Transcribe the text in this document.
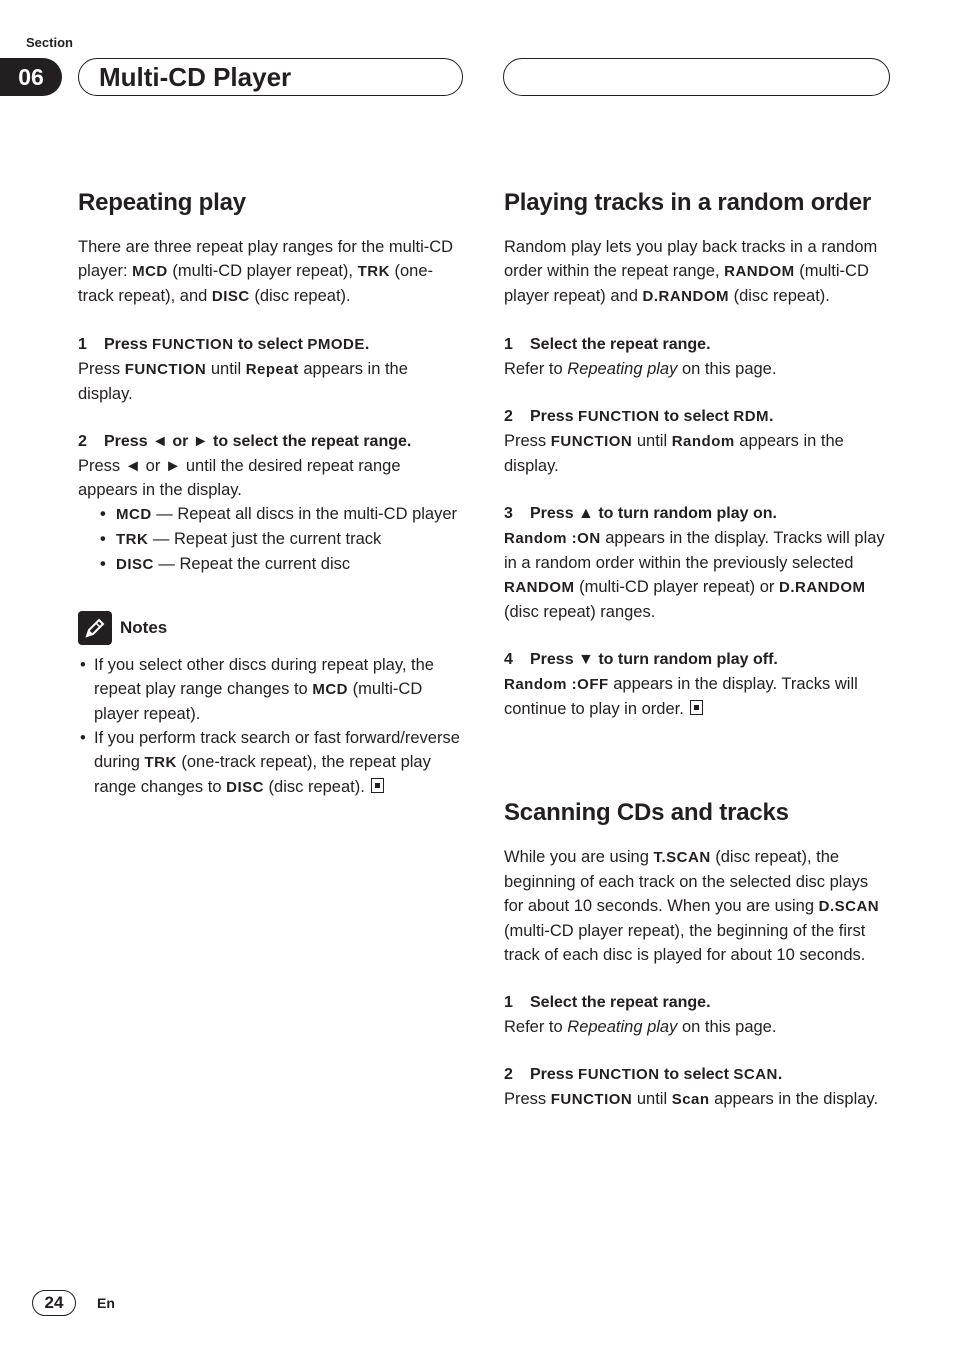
Section
06	Multi-CD Player
Repeating play

There are three repeat play ranges for the multi-CD player: MCD (multi-CD player repeat), TRK (one-track repeat), and DISC (disc repeat).

1 Press FUNCTION to select PMODE.

Press FUNCTION until Repeat appears in the display.

2 Press ◄ or ► to select the repeat range.

Press ◄ or ► until the desired repeat range appears in the display.

• MCD — Repeat all discs in the multi-CD player
• TRK — Repeat just the current track
• DISC — Repeat the current disc
Notes
• If you select other discs during repeat play, the repeat play range changes to MCD (multi-CD player repeat).
• If you perform track search or fast forward/reverse during TRK (one-track repeat), the repeat play range changes to DISC (disc repeat).
Playing tracks in a random order

Random play lets you play back tracks in a random order within the repeat range, RANDOM (multi-CD player repeat) and D.RANDOM (disc repeat).

1 Select the repeat range.

Refer to Repeating play on this page.

2 Press FUNCTION to select RDM.

Press FUNCTION until Random appears in the display.

3 Press ▲ to turn random play on.

Random :ON appears in the display. Tracks will play in a random order within the previously selected RANDOM (multi-CD player repeat) or D.RANDOM (disc repeat) ranges.

4 Press ▼ to turn random play off.

Random :OFF appears in the display. Tracks will continue to play in order.

Scanning CDs and tracks

While you are using T.SCAN (disc repeat), the beginning of each track on the selected disc plays for about 10 seconds. When you are using D.SCAN (multi-CD player repeat), the beginning of the first track of each disc is played for about 10 seconds.

1 Select the repeat range.

Refer to Repeating play on this page.

2 Press FUNCTION to select SCAN.

Press FUNCTION until Scan appears in the display.

24	En
